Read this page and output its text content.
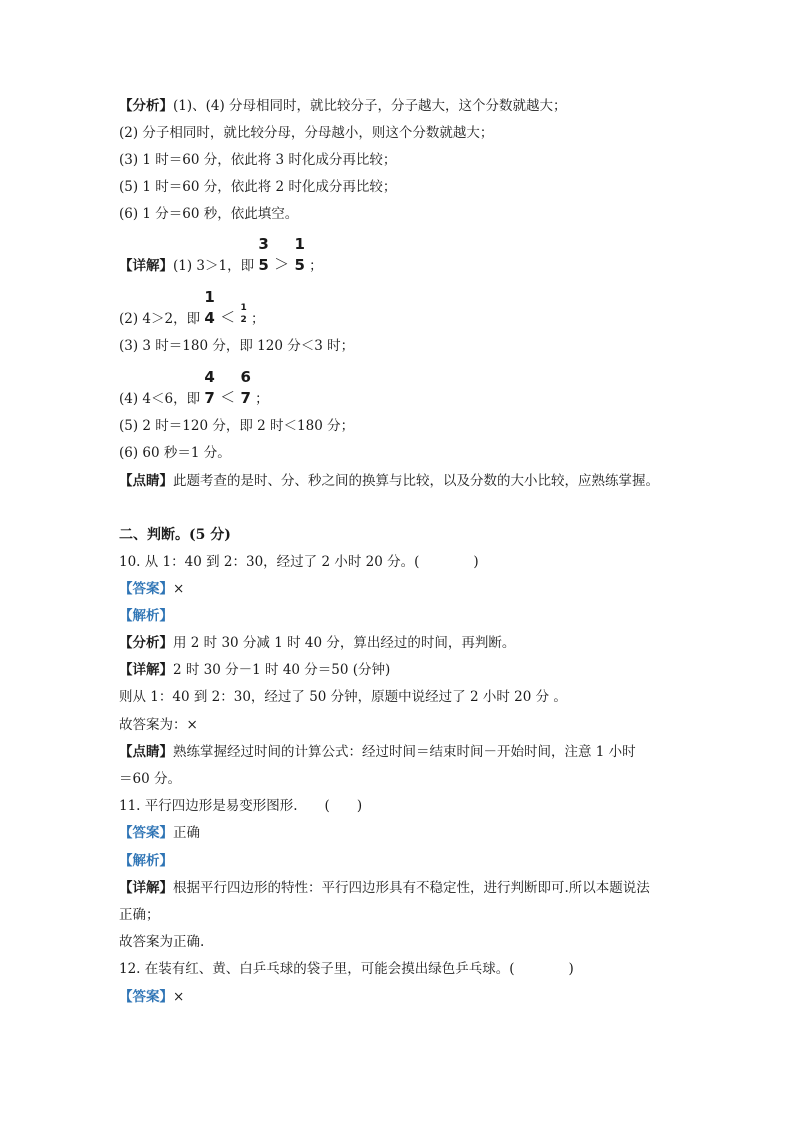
【分析】(1)、(4) 分母相同时，就比较分子，分子越大，这个分数就越大；
(2) 分子相同时，就比较分母，分母越小，则这个分数就越大；
(3) 1 时＝60 分，依此将 3 时化成分再比较；
(5) 1 时＝60 分，依此将 2 时化成分再比较；
(6) 1 分＝60 秒，依此填空。
【详解】(1) 3＞1，即
3
5 ＞
1
5 ；
(2) 4＞2，即
1
4 ＜
1
2 ；
(3) 3 时＝180 分，即 120 分＜3 时；
(4) 4＜6，即
4
7 ＜
6
7 ；
(5) 2 时＝120 分，即 2 时＜180 分；
(6) 60 秒＝1 分。
【点睛】此题考查的是时、分、秒之间的换算与比较，以及分数的大小比较，应熟练掌握。
二、判断。(5 分)
10. 从 1：40 到 2：30，经过了 2 小时 20 分。(　　　　)
【答案】×
【解析】
【分析】用 2 时 30 分减 1 时 40 分，算出经过的时间，再判断。
【详解】2 时 30 分－1 时 40 分＝50 (分钟)
则从 1：40 到 2：30，经过了 50 分钟，原题中说经过了 2 小时 20 分 。
故答案为：×
【点睛】熟练掌握经过时间的计算公式：经过时间＝结束时间－开始时间，注意 1 小时
＝60 分。
11. 平行四边形是易变形图形.　　(　　)
【答案】正确
【解析】
【详解】根据平行四边形的特性：平行四边形具有不稳定性，进行判断即可.所以本题说法
正确；
故答案为正确.
12. 在装有红、黄、白乒乓球的袋子里，可能会摸出绿色乒乓球。(　　　　)
【答案】×
